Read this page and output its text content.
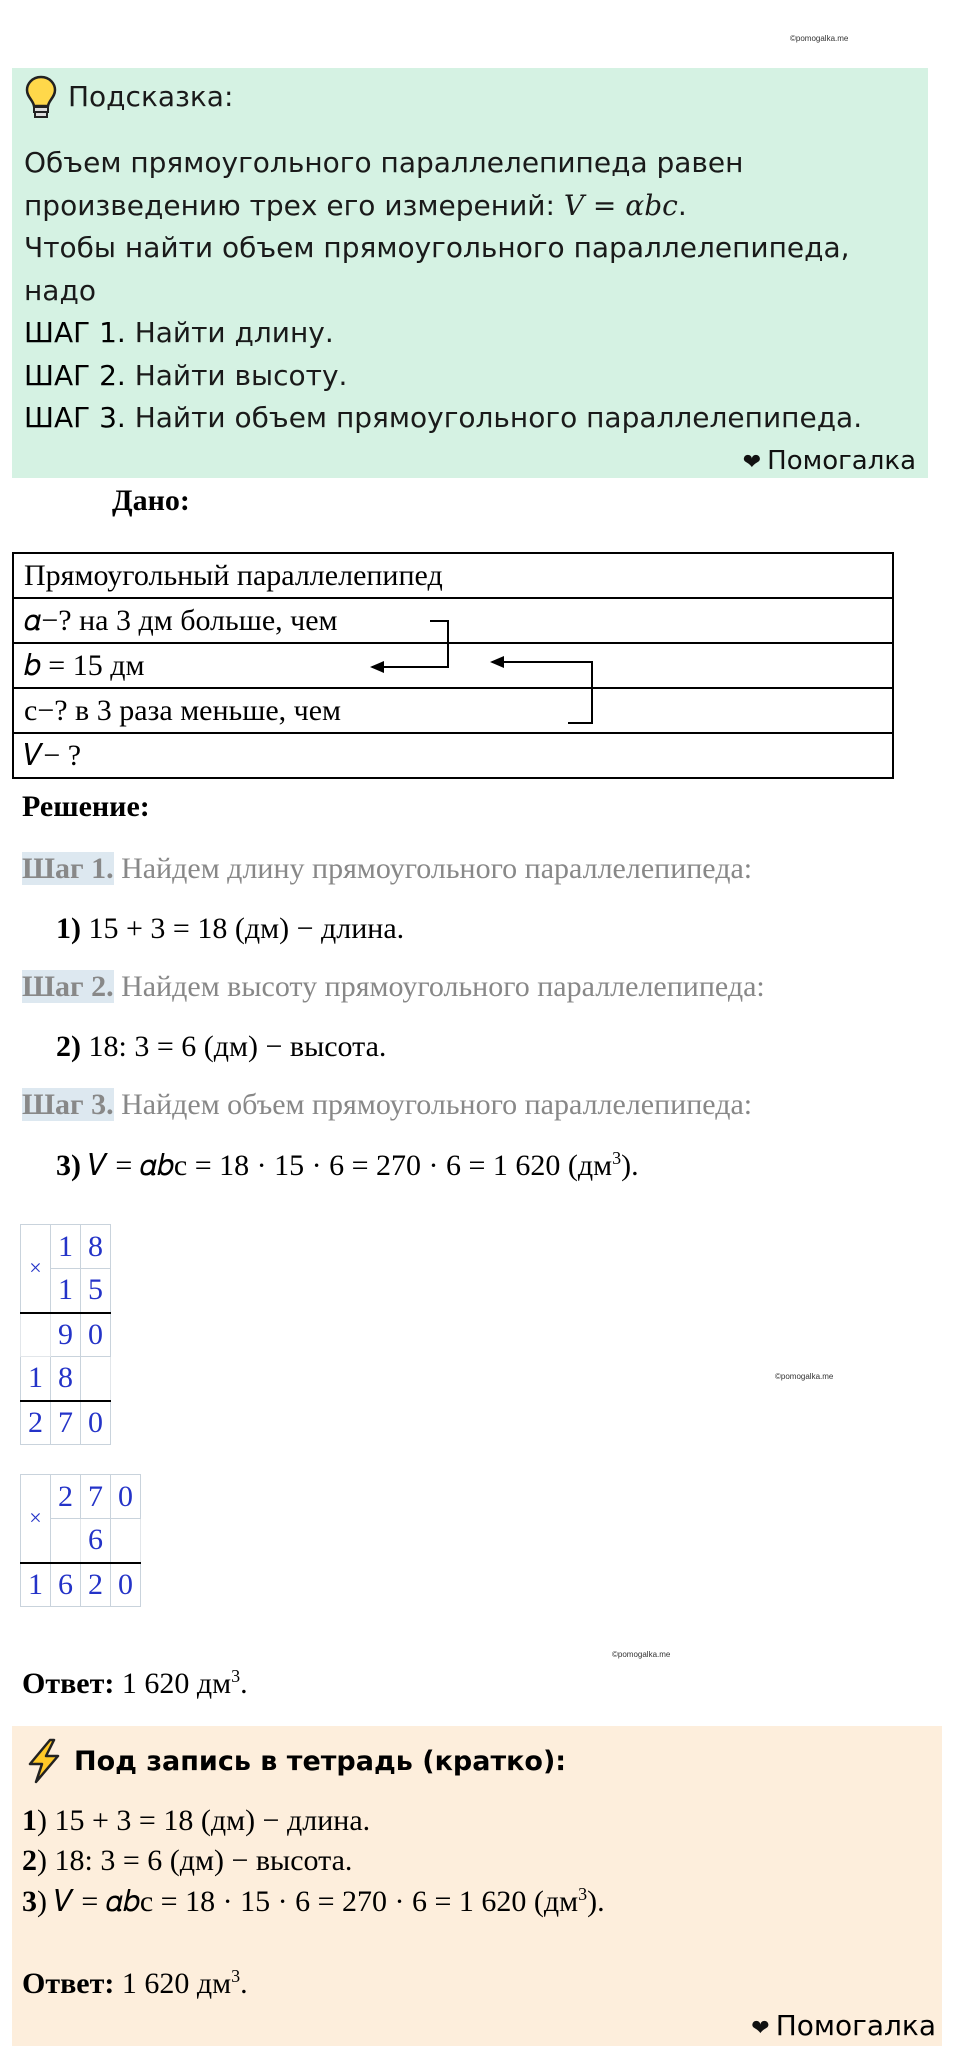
©pomogalka.me
©pomogalka.me
©pomogalka.me
Подсказка:
Объем прямоугольного параллелепипеда равен
произведению трех его измерений: V = αbc.
Чтобы найти объем прямоугольного параллелепипеда,
надо
ШАГ 1. Найти длину.
ШАГ 2. Найти высоту.
ШАГ 3. Найти объем прямоугольного параллелепипеда.
❤ Помогалка
Дано:
Прямоугольный параллелепипед
𝛼−? на 3 дм больше, чем
𝑏 = 15 дм
с−? в 3 раза меньше, чем
𝑉− ?
Решение:
Шаг 1. Найдем длину прямоугольного параллелепипеда:
1) 15 + 3 = 18 (дм) − длина.
Шаг 2. Найдем высоту прямоугольного параллелепипеда:
2) 18: 3 = 6 (дм) − высота.
Шаг 3. Найдем объем прямоугольного параллелепипеда:
3) 𝑉 = 𝛼𝑏с = 18 · 15 · 6 = 270 · 6 = 1 620 $(дм^3)$.
×	1	8
	1	5
	9	0
1	8	
2	7	0
×	2	7	0
		6	
1	6	2	0
Ответ: 1 620 $дм^3$.
Под запись в тетрадь (кратко):
1) 15 + 3 = 18 (дм) − длина.
2) 18: 3 = 6 (дм) − высота.
3) 𝑉 = 𝛼𝑏с = 18 · 15 · 6 = 270 · 6 = 1 620 $(дм^3)$.
Ответ: 1 620 $дм^3$.
❤ Помогалка
